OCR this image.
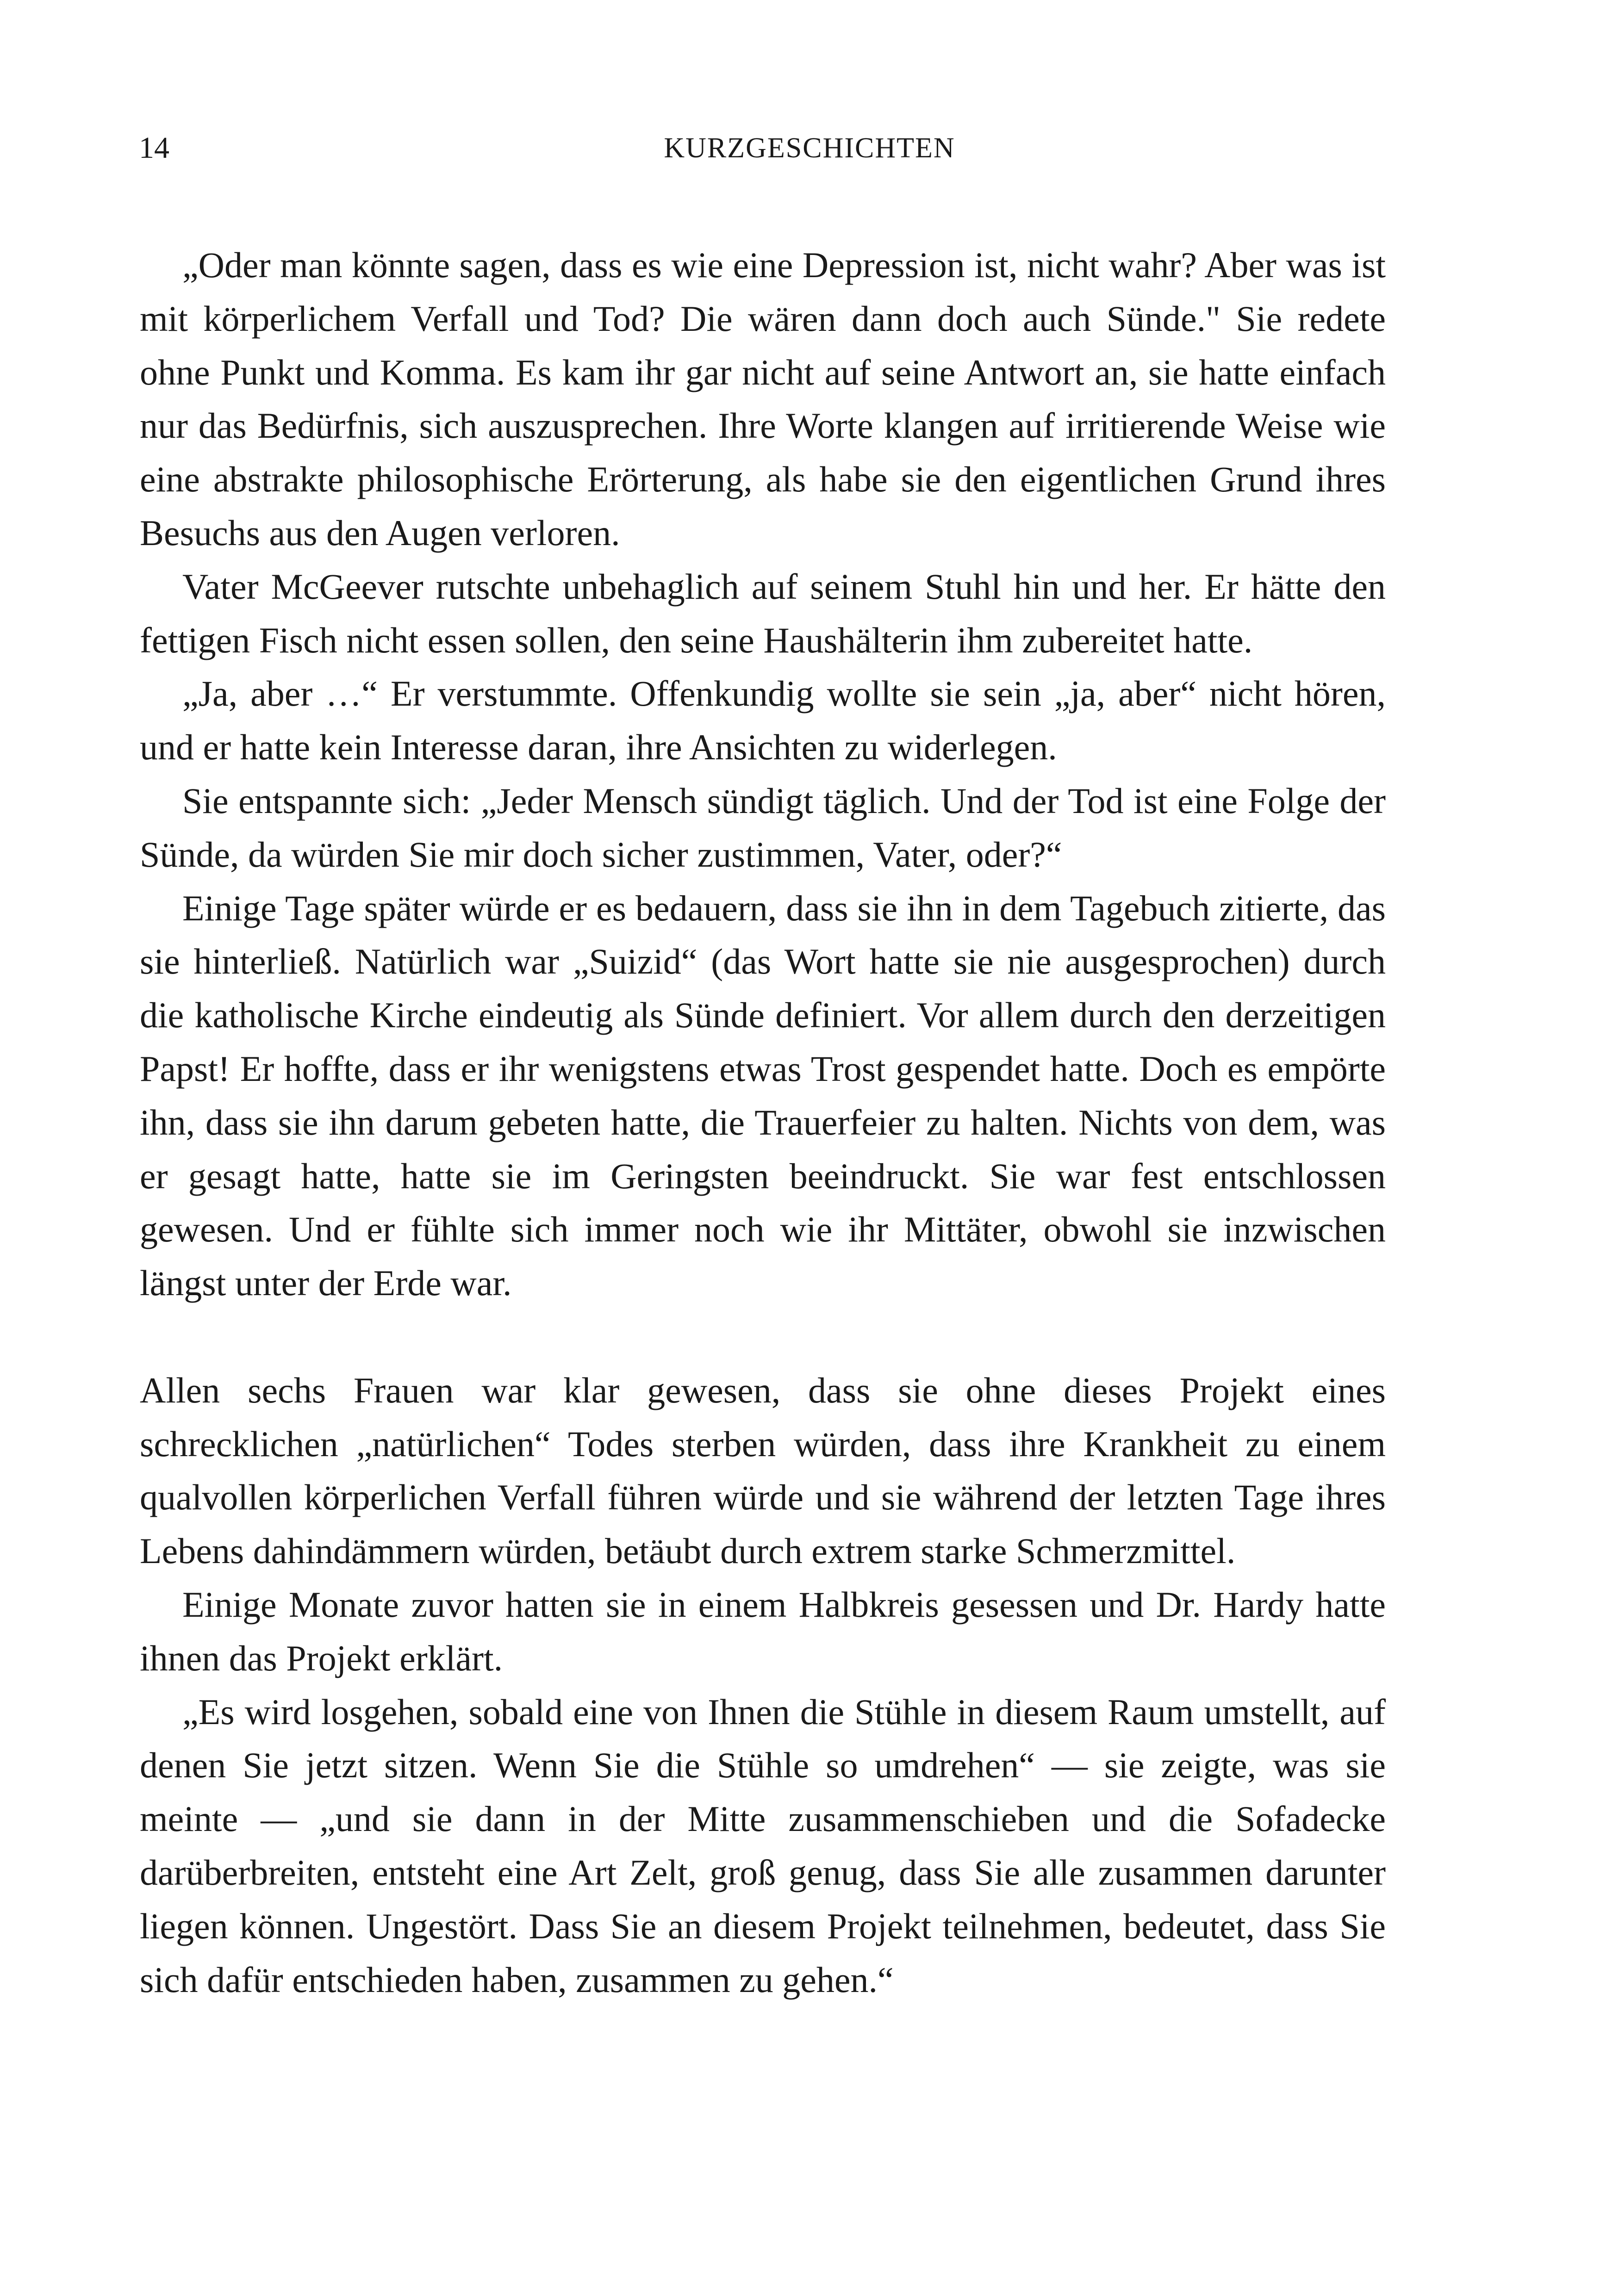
14	KURZGESCHICHTEN

„Oder man könnte sagen, dass es wie eine Depression ist, nicht wahr? Aber was ist mit körperlichem Verfall und Tod? Die wären dann doch auch Sünde." Sie redete ohne Punkt und Komma. Es kam ihr gar nicht auf seine Antwort an, sie hatte einfach nur das Bedürfnis, sich auszusprechen. Ihre Worte klangen auf irritierende Weise wie eine abstrakte philosophische Erörterung, als habe sie den eigentlichen Grund ihres Besuchs aus den Augen verloren.

Vater McGeever rutschte unbehaglich auf seinem Stuhl hin und her. Er hätte den fettigen Fisch nicht essen sollen, den seine Haushälterin ihm zubereitet hatte.

„Ja, aber …“ Er verstummte. Offenkundig wollte sie sein „ja, aber“ nicht hören, und er hatte kein Interesse daran, ihre Ansichten zu widerlegen.

Sie entspannte sich: „Jeder Mensch sündigt täglich. Und der Tod ist eine Folge der Sünde, da würden Sie mir doch sicher zustimmen, Vater, oder?“

Einige Tage später würde er es bedauern, dass sie ihn in dem Tagebuch zitierte, das sie hinterließ. Natürlich war „Suizid“ (das Wort hatte sie nie ausgesprochen) durch die katholische Kirche eindeutig als Sünde definiert. Vor allem durch den derzeitigen Papst! Er hoffte, dass er ihr wenigstens etwas Trost gespendet hatte. Doch es empörte ihn, dass sie ihn darum gebeten hatte, die Trauerfeier zu halten. Nichts von dem, was er gesagt hatte, hatte sie im Geringsten beeindruckt. Sie war fest entschlossen gewesen. Und er fühlte sich immer noch wie ihr Mittäter, obwohl sie inzwischen längst unter der Erde war.

Allen sechs Frauen war klar gewesen, dass sie ohne dieses Projekt eines schrecklichen „natürlichen“ Todes sterben würden, dass ihre Krankheit zu einem qualvollen körperlichen Verfall führen würde und sie während der letzten Tage ihres Lebens dahindämmern würden, betäubt durch extrem starke Schmerzmittel.

Einige Monate zuvor hatten sie in einem Halbkreis gesessen und Dr. Hardy hatte ihnen das Projekt erklärt.

„Es wird losgehen, sobald eine von Ihnen die Stühle in diesem Raum umstellt, auf denen Sie jetzt sitzen. Wenn Sie die Stühle so umdrehen“ — sie zeigte, was sie meinte — „und sie dann in der Mitte zusammenschieben und die Sofadecke darüberbreiten, entsteht eine Art Zelt, groß genug, dass Sie alle zusammen darunter liegen können. Ungestört. Dass Sie an diesem Projekt teilnehmen, bedeutet, dass Sie sich dafür entschieden haben, zusammen zu gehen.“
